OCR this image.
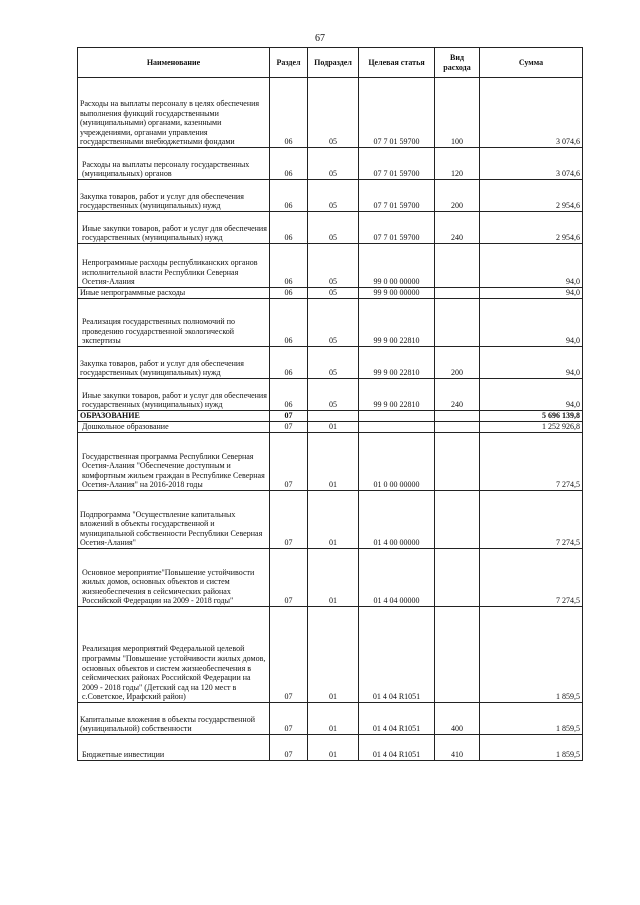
67
Наименование	Раздел	Подраздел	Целевая статья	Вид расхода	Сумма
Расходы на выплаты персоналу в целях обеспечения выполнения функций государственными (муниципальными) органами, казенными учреждениями, органами управления государственными внебюджетными фондами	06	05	07 7 01 59700	100	3 074,6
Расходы на выплаты персоналу государственных (муниципальных) органов	06	05	07 7 01 59700	120	3 074,6
Закупка товаров, работ и услуг для обеспечения государственных (муниципальных) нужд	06	05	07 7 01 59700	200	2 954,6
Иные закупки товаров, работ и услуг для обеспечения государственных (муниципальных) нужд	06	05	07 7 01 59700	240	2 954,6
Непрограммные расходы республиканских органов исполнительной власти Республики Северная Осетия-Алания	06	05	99 0 00 00000		94,0
Иные непрограммные расходы	06	05	99 9 00 00000		94,0
Реализация государственных полномочий по проведению государственной экологической экспертизы	06	05	99 9 00 22810		94,0
Закупка товаров, работ и услуг для обеспечения государственных (муниципальных) нужд	06	05	99 9 00 22810	200	94,0
Иные закупки товаров, работ и услуг для обеспечения государственных (муниципальных) нужд	06	05	99 9 00 22810	240	94,0
ОБРАЗОВАНИЕ	07				5 696 139,8
Дошкольное образование	07	01			1 252 926,8
Государственная программа Республики Северная Осетия-Алания "Обеспечение доступным и комфортным жильем граждан в Республике Северная Осетия-Алания" на 2016-2018 годы	07	01	01 0 00 00000		7 274,5
Подпрограмма "Осуществление капитальных вложений в объекты государственной и муниципальной собственности Республики Северная Осетия-Алания"	07	01	01 4 00 00000		7 274,5
Основное мероприятие"Повышение устойчивости жилых домов, основных объектов и систем жизнеобеспечения в сейсмических районах Российской Федерации на 2009 - 2018 годы"	07	01	01 4 04 00000		7 274,5
Реализация мероприятий Федеральной целевой программы "Повышение устойчивости жилых домов, основных объектов и систем жизнеобеспечения в сейсмических районах Российской Федерации на 2009 - 2018 годы" (Детский сад на 120 мест в с.Советское, Ирафский район)	07	01	01 4 04 R1051		1 859,5
Капитальные вложения в объекты государственной (муниципальной) собственности	07	01	01 4 04 R1051	400	1 859,5
Бюджетные инвестиции	07	01	01 4 04 R1051	410	1 859,5
